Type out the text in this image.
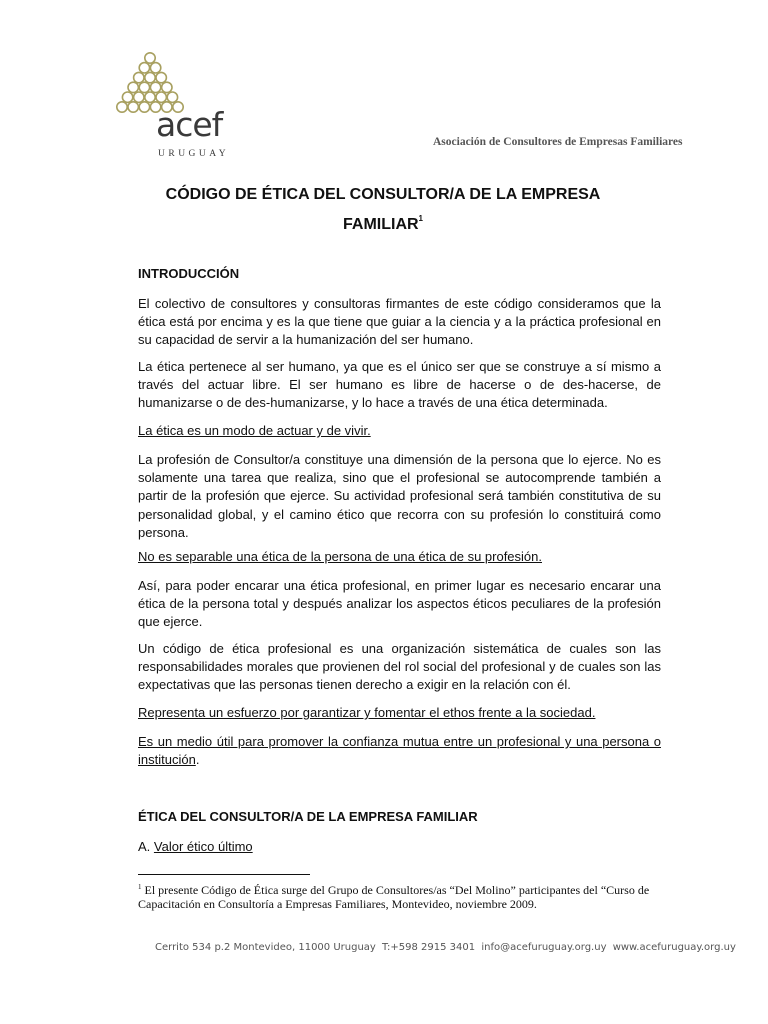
acef
URUGUAY
Asociación de Consultores de Empresas Familiares
CÓDIGO DE ÉTICA DEL CONSULTOR/A DE LA EMPRESA
FAMILIAR$^1$
INTRODUCCIÓN
El colectivo de consultores y consultoras firmantes de este código consideramos que la ética está por encima y es la que tiene que guiar a la ciencia y a la práctica profesional en su capacidad de servir a la humanización del ser humano.
La ética pertenece al ser humano, ya que es el único ser que se construye a sí mismo a través del actuar libre. El ser humano es libre de hacerse o de des-hacerse, de humanizarse o de des-humanizarse, y lo hace a través de una ética determinada.
La ética es un modo de actuar y de vivir.
La profesión de Consultor/a constituye una dimensión de la persona que lo ejerce. No es solamente una tarea que realiza, sino que el profesional se autocomprende también a partir de la profesión que ejerce. Su actividad profesional será también constitutiva de su personalidad global, y el camino ético que recorra con su profesión lo constituirá como persona.
No es separable una ética de la persona de una ética de su profesión.
Así, para poder encarar una ética profesional, en primer lugar es necesario encarar una ética de la persona total y después analizar los aspectos éticos peculiares de la profesión que ejerce.
Un código de ética profesional es una organización sistemática de cuales son las responsabilidades morales que provienen del rol social del profesional y de cuales son las expectativas que las personas tienen derecho a exigir en la relación con él.
Representa un esfuerzo por garantizar y fomentar el ethos frente a la sociedad.
Es un medio útil para promover la confianza mutua entre un profesional y una persona o institución.
ÉTICA DEL CONSULTOR/A DE LA EMPRESA FAMILIAR
A. Valor ético último
$^1$ El presente Código de Ética surge del Grupo de Consultores/as “Del Molino” participantes del “Curso de Capacitación en Consultoría a Empresas Familiares, Montevideo, noviembre 2009.
Cerrito 534 p.2 Montevideo, 11000 Uruguay T:+598 2915 3401 info@acefuruguay.org.uy www.acefuruguay.org.uy
